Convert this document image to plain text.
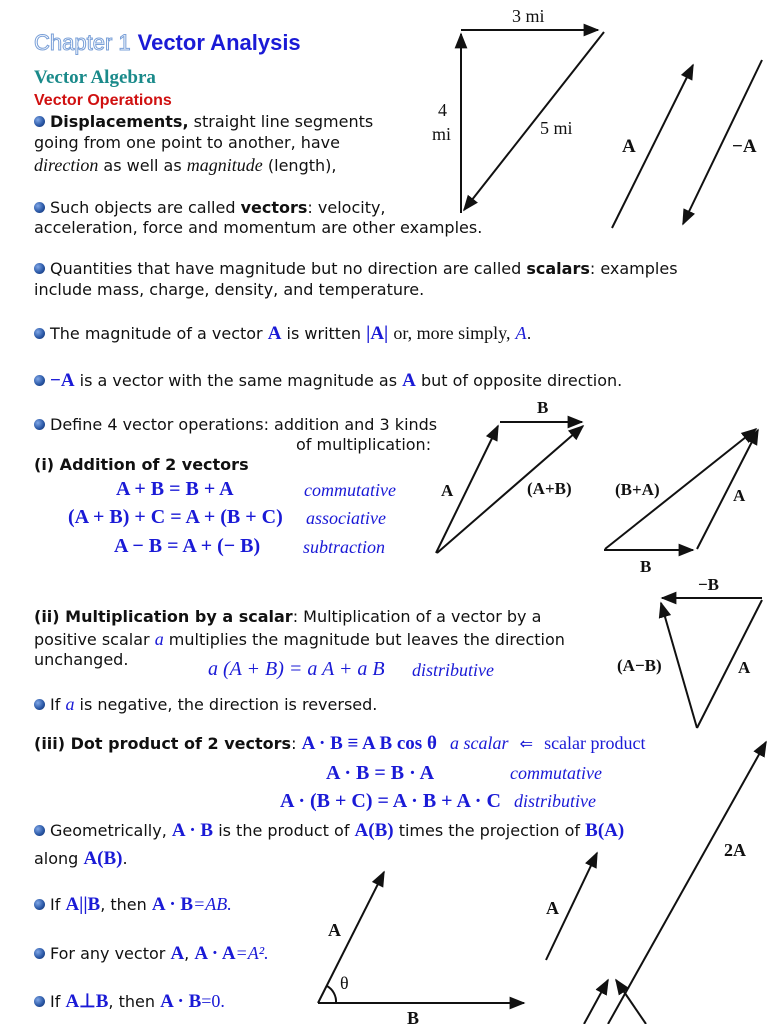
Chapter 1 Vector Analysis
Vector Algebra
Vector Operations
Displacements, straight line segments
going from one point to another, have
direction as well as magnitude (length),
Such objects are called vectors: velocity,
acceleration, force and momentum are other examples.
Quantities that have magnitude but no direction are called scalars: examples
include mass, charge, density, and temperature.
The magnitude of a vector A is written |A| or, more simply, A.
−A is a vector with the same magnitude as A but of opposite direction.
Define 4 vector operations: addition and 3 kinds
of multiplication:
(i) Addition of 2 vectors
A + B = B + A	commutative
(A + B) + C = A + (B + C) associative
A − B = A + (− B) subtraction
(ii) Multiplication by a scalar: Multiplication of a vector by a
positive scalar a multiplies the magnitude but leaves the direction
unchanged.	a (A + B) = a A + a B distributive
If a is negative, the direction is reversed.
(iii) Dot product of 2 vectors: A · B ≡ A B cos θ a scalar ⇐ scalar product
A · B = B · A	commutative
A · (B + C) = A · B + A · C distributive
Geometrically, A · B is the product of A(B) times the projection of B(A)
along A(B).
If A||B, then A · B=AB.
For any vector A, A · A=A².
If A⊥B, then A · B=0.
3 mi
4
mi	5 mi
A	−A
B
A	(A+B)	(B+A)	A
B
−B
(A−B)	A
2A
A
A
θ
B
